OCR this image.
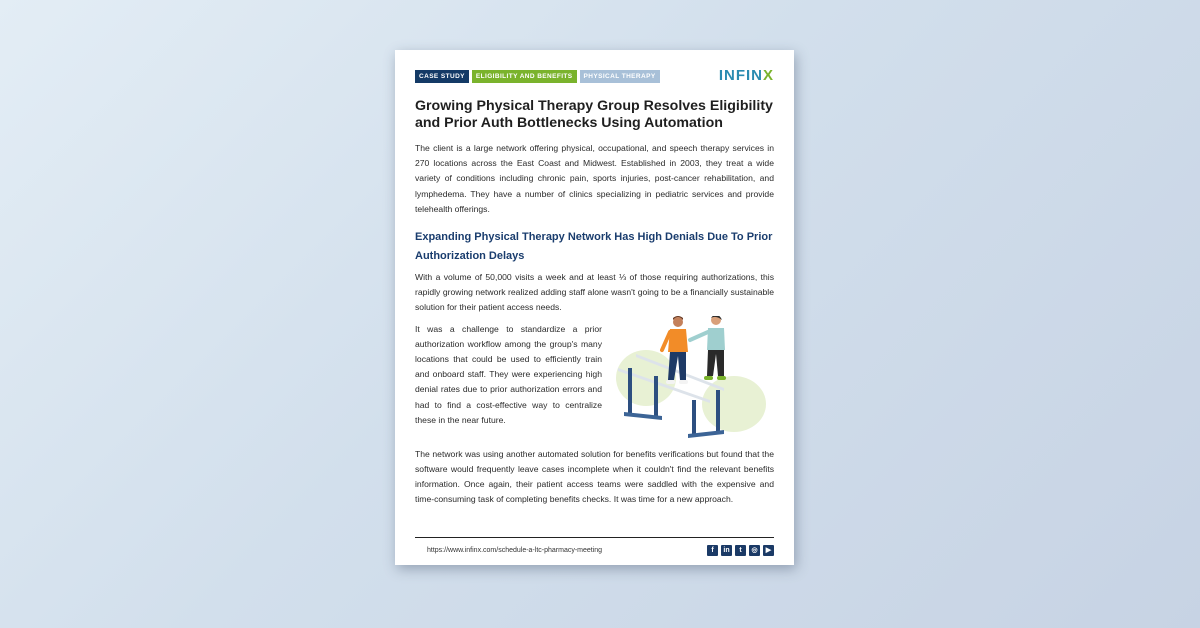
CASE STUDY	ELIGIBILITY AND BENEFITS	PHYSICAL THERAPY	INFINX
Growing Physical Therapy Group Resolves Eligibility and Prior Auth Bottlenecks Using Automation

The client is a large network offering physical, occupational, and speech therapy services in 270 locations across the East Coast and Midwest. Established in 2003, they treat a wide variety of conditions including chronic pain, sports injuries, post-cancer rehabilitation, and lymphedema. They have a number of clinics specializing in pediatric services and provide telehealth offerings.

Expanding Physical Therapy Network Has High Denials Due To Prior Authorization Delays

With a volume of 50,000 visits a week and at least ⅓ of those requiring authorizations, this rapidly growing network realized adding staff alone wasn't going to be a financially sustainable solution for their patient access needs.

It was a challenge to standardize a prior authorization workflow among the group's many locations that could be used to efficiently train and onboard staff. They were experiencing high denial rates due to prior authorization errors and had to find a cost-effective way to centralize these in the near future.

The network was using another automated solution for benefits verifications but found that the software would frequently leave cases incomplete when it couldn't find the relevant benefits information. Once again, their patient access teams were saddled with the expensive and time-consuming task of completing benefits checks. It was time for a new approach.

https://www.infinx.com/schedule-a-ltc-pharmacy-meeting	f	in	t	◎	▶
